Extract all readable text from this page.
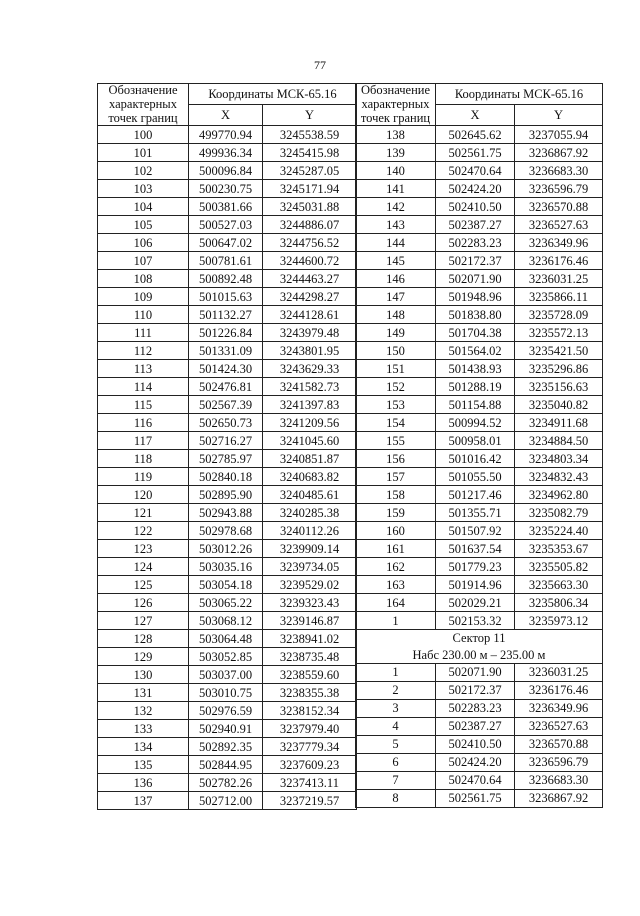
77
Обозначение
характерных
точек границ	Координаты МСК-65.16	
	X	Y
100	499770.94	3245538.59
101	499936.34	3245415.98
102	500096.84	3245287.05
103	500230.75	3245171.94
104	500381.66	3245031.88
105	500527.03	3244886.07
106	500647.02	3244756.52
107	500781.61	3244600.72
108	500892.48	3244463.27
109	501015.63	3244298.27
110	501132.27	3244128.61
111	501226.84	3243979.48
112	501331.09	3243801.95
113	501424.30	3243629.33
114	502476.81	3241582.73
115	502567.39	3241397.83
116	502650.73	3241209.56
117	502716.27	3241045.60
118	502785.97	3240851.87
119	502840.18	3240683.82
120	502895.90	3240485.61
121	502943.88	3240285.38
122	502978.68	3240112.26
123	503012.26	3239909.14
124	503035.16	3239734.05
125	503054.18	3239529.02
126	503065.22	3239323.43
127	503068.12	3239146.87
128	503064.48	3238941.02
129	503052.85	3238735.48
130	503037.00	3238559.60
131	503010.75	3238355.38
132	502976.59	3238152.34
133	502940.91	3237979.40
134	502892.35	3237779.34
135	502844.95	3237609.23
136	502782.26	3237413.11
137	502712.00	3237219.57
Обозначение
характерных
точек границ	Координаты МСК-65.16	
	X	Y
138	502645.62	3237055.94
139	502561.75	3236867.92
140	502470.64	3236683.30
141	502424.20	3236596.79
142	502410.50	3236570.88
143	502387.27	3236527.63
144	502283.23	3236349.96
145	502172.37	3236176.46
146	502071.90	3236031.25
147	501948.96	3235866.11
148	501838.80	3235728.09
149	501704.38	3235572.13
150	501564.02	3235421.50
151	501438.93	3235296.86
152	501288.19	3235156.63
153	501154.88	3235040.82
154	500994.52	3234911.68
155	500958.01	3234884.50
156	501016.42	3234803.34
157	501055.50	3234832.43
158	501217.46	3234962.80
159	501355.71	3235082.79
160	501507.92	3235224.40
161	501637.54	3235353.67
162	501779.23	3235505.82
163	501914.96	3235663.30
164	502029.21	3235806.34
1	502153.32	3235973.12

Сектор 11
Набс 230.00 м – 235.00 м		

1	502071.90	3236031.25
2	502172.37	3236176.46
3	502283.23	3236349.96
4	502387.27	3236527.63
5	502410.50	3236570.88
6	502424.20	3236596.79
7	502470.64	3236683.30
8	502561.75	3236867.92
